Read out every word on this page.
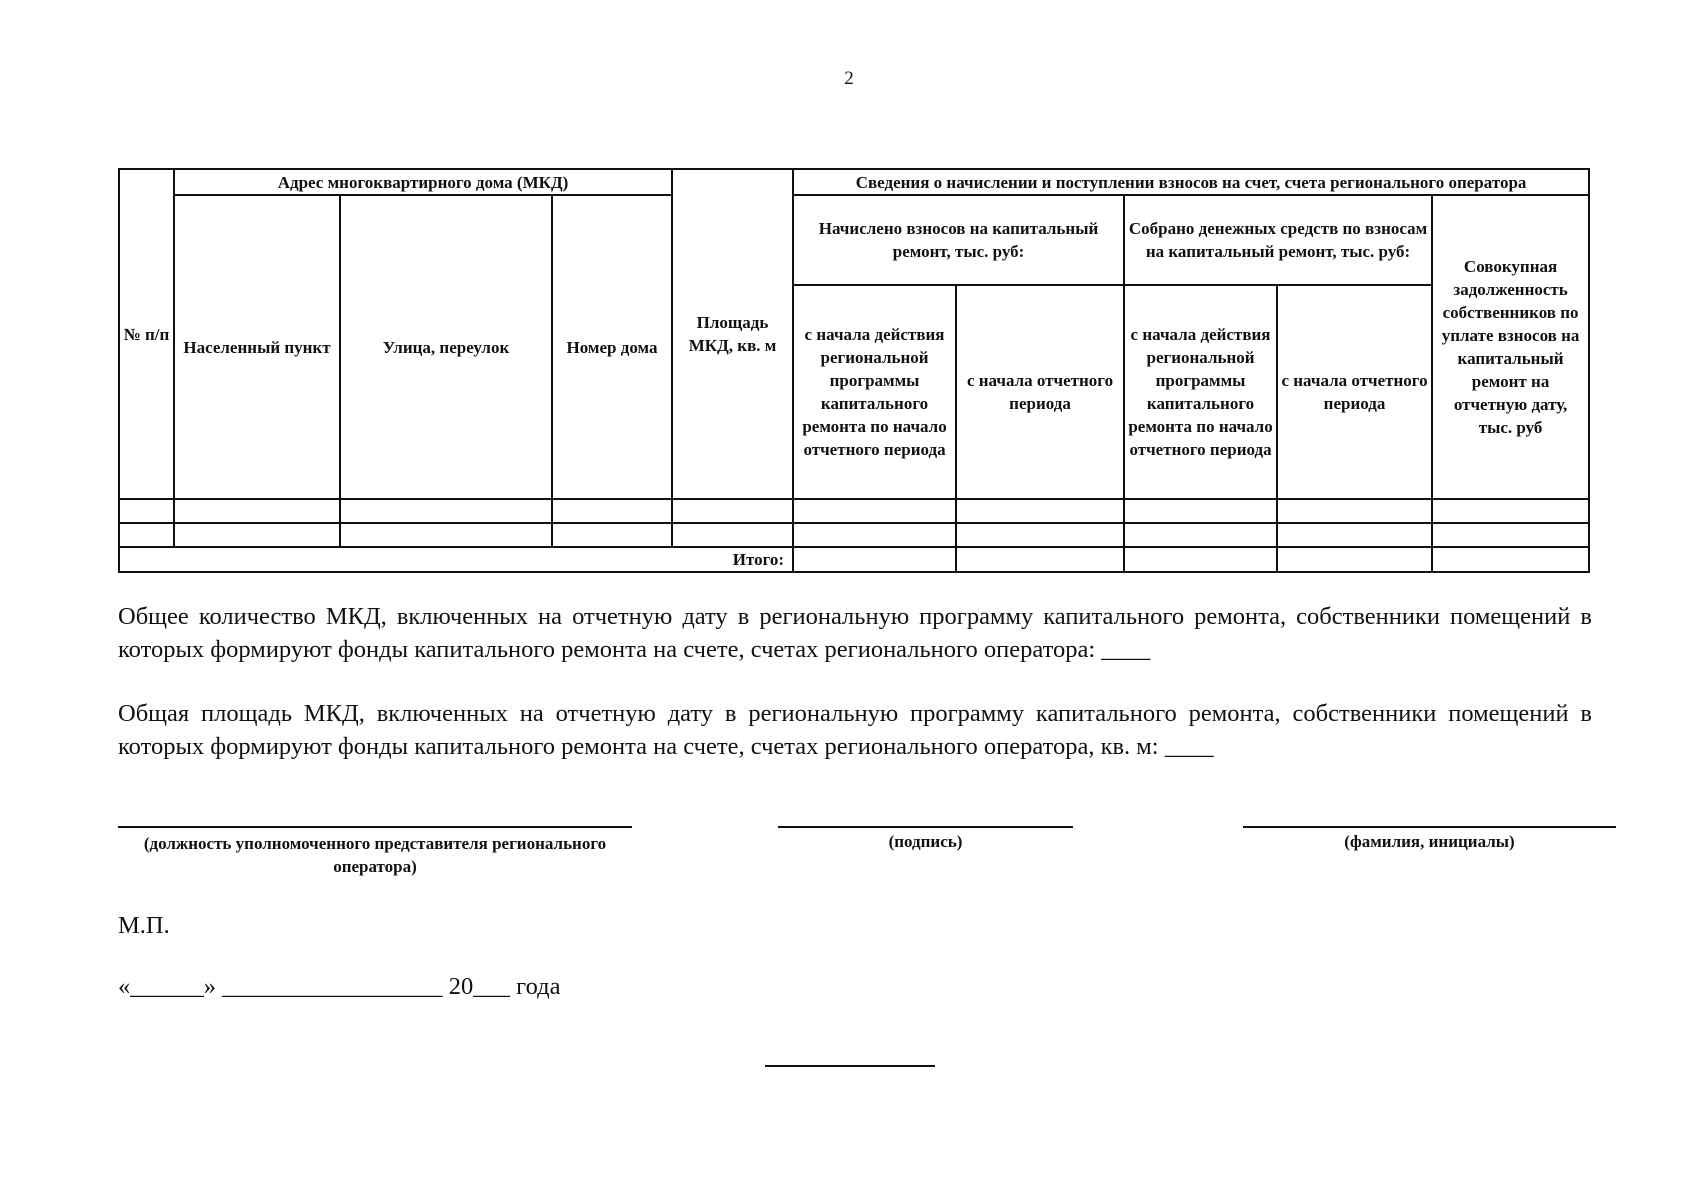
2
№ п/п	Адрес многоквартирного дома (МКД)			Площадь МКД, кв. м	Сведения о начислении и поступлении взносов на счет, счета регионального оператора				
	Населенный пункт	Улица, переулок	Номер дома		Начислено взносов на капитальный ремонт, тыс. руб:		Собрано денежных средств по взносам на капитальный ремонт, тыс. руб:		Совокупная задолженность собственников по уплате взносов на капитальный ремонт на отчетную дату, тыс. руб
					с начала действия региональной программы капитального ремонта по начало отчетного периода	с начала отчетного периода	с начала действия региональной программы капитального ремонта по начало отчетного периода	с начала отчетного периода	

Итого:									
Общее количество МКД, включенных на отчетную дату в региональную программу капитального ремонта, собственники помещений в которых формируют фонды капитального ремонта на счете, счетах регионального оператора: ____
Общая площадь МКД, включенных на отчетную дату в региональную программу капитального ремонта, собственники помещений в которых формируют фонды капитального ремонта на счете, счетах регионального оператора, кв. м: ____
(должность уполномоченного представителя регионального оператора)
(подпись)	(фамилия, инициалы)
М.П.
«______» __________________ 20___ года
